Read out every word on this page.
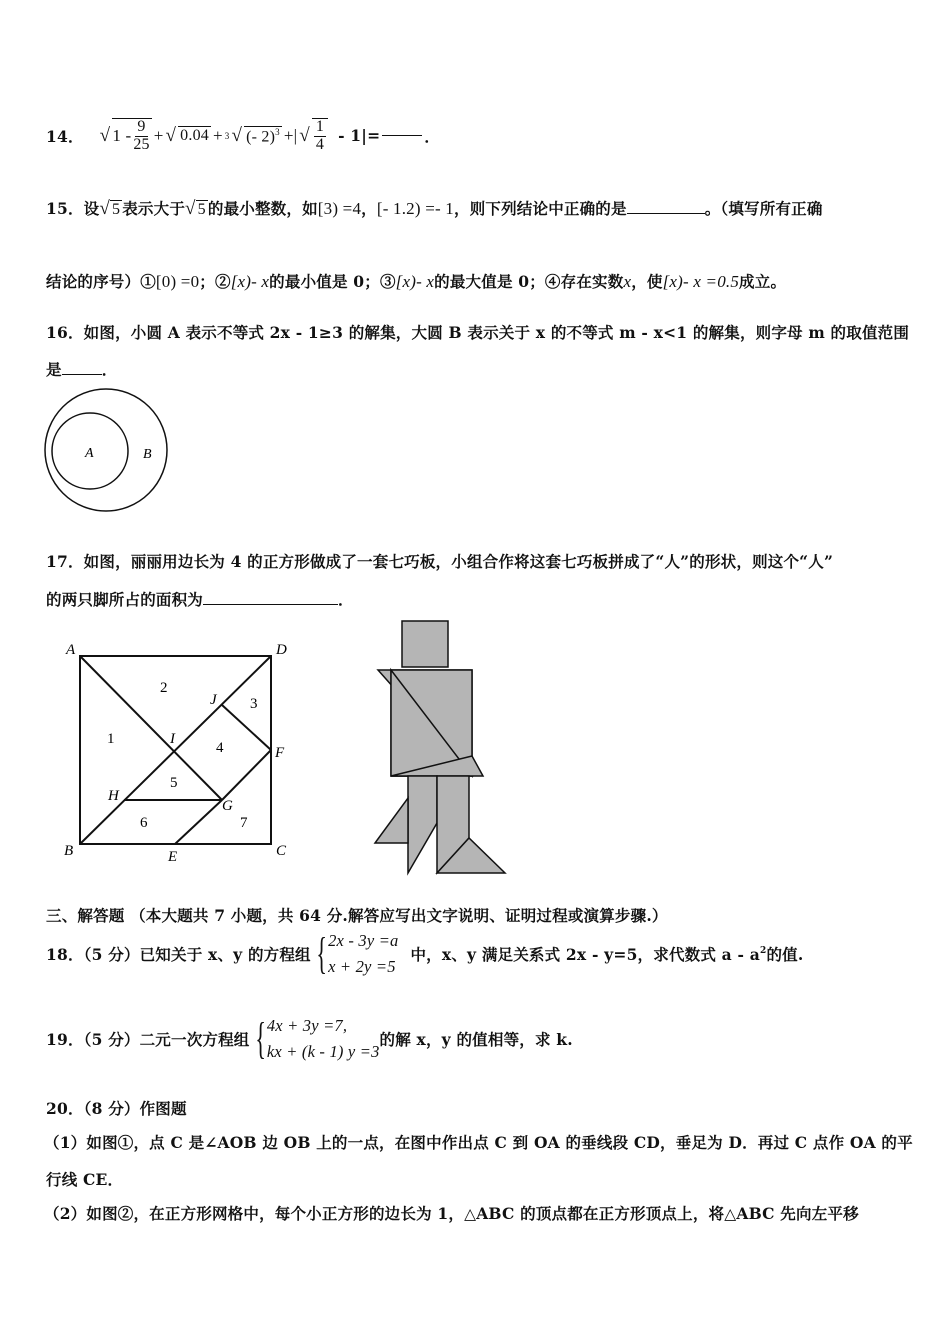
14． √ $1 - \frac{9}{25}$ + √ 0.04 + 3 √ (- 2)$^3$ +| √ $\frac{1}{4} - 1|=$	．
15．设√ 5 表示大于√ 5 的最小整数，如[3) =4，[- 1.2) =- 1，则下列结论中正确的是	。（填写所有正确
结论的序号）①[0) =0；②[x)- x的最小值是 0；③[x)- x的最大值是 0；④存在实数x，使[x)- x =0.5成立。
16．如图，小圆 A 表示不等式 2x - 1≥3 的解集，大圆 B 表示关于 x 的不等式 m - x<1 的解集，则字母 m 的取值范围
是	．
A	B
17．如图，丽丽用边长为 4 的正方形做成了一套七巧板，小组合作将这套七巧板拼成了“人”的形状，则这个“人”
的两只脚所占的面积为	．
A	D
B	C
J
I
F
H
G
E
1
2
3
4
5
6	7
三、解答题 （本大题共 7 小题，共 64 分.解答应写出文字说明、证明过程或演算步骤.）
18．（5 分）已知关于 x、y 的方程组 { 2x - 3y =a
x + 2y =5
中，x、y 满足关系式 2x - y=5，求代数式 a - a 2 的值.
19．（5 分）二元一次方程组 { 4x + 3y =7,
kx + (k - 1) y =3
的解 x，y 的值相等，求 k.
20．（8 分）作图题
（1）如图①，点 C 是∠AOB 边 OB 上的一点，在图中作出点 C 到 OA 的垂线段 CD，垂足为 D．再过 C 点作 OA 的平
行线 CE．
（2）如图②，在正方形网格中，每个小正方形的边长为 1，△ABC 的顶点都在正方形顶点上，将△ABC 先向左平移
